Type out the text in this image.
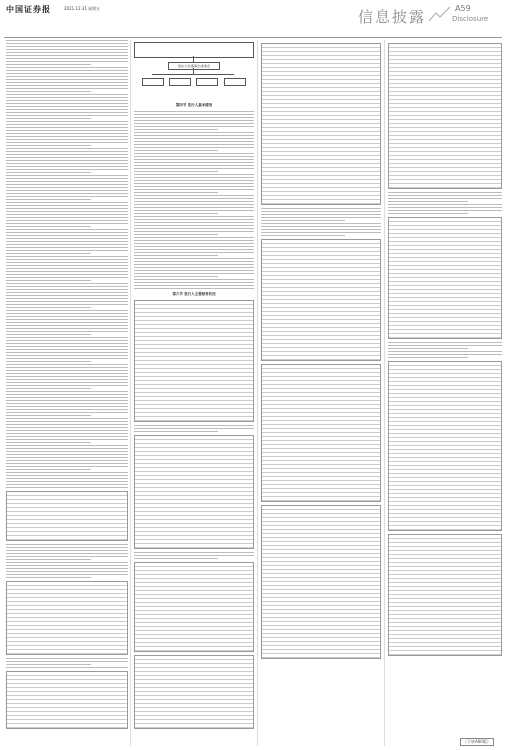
中国证券报	2021.12.31 星期五	信息披露	A59
Disclosure
股东大会/董事会/监事会
第四节 发行人基本情况
第六节 发行人主要财务状况
（下转A60版）
